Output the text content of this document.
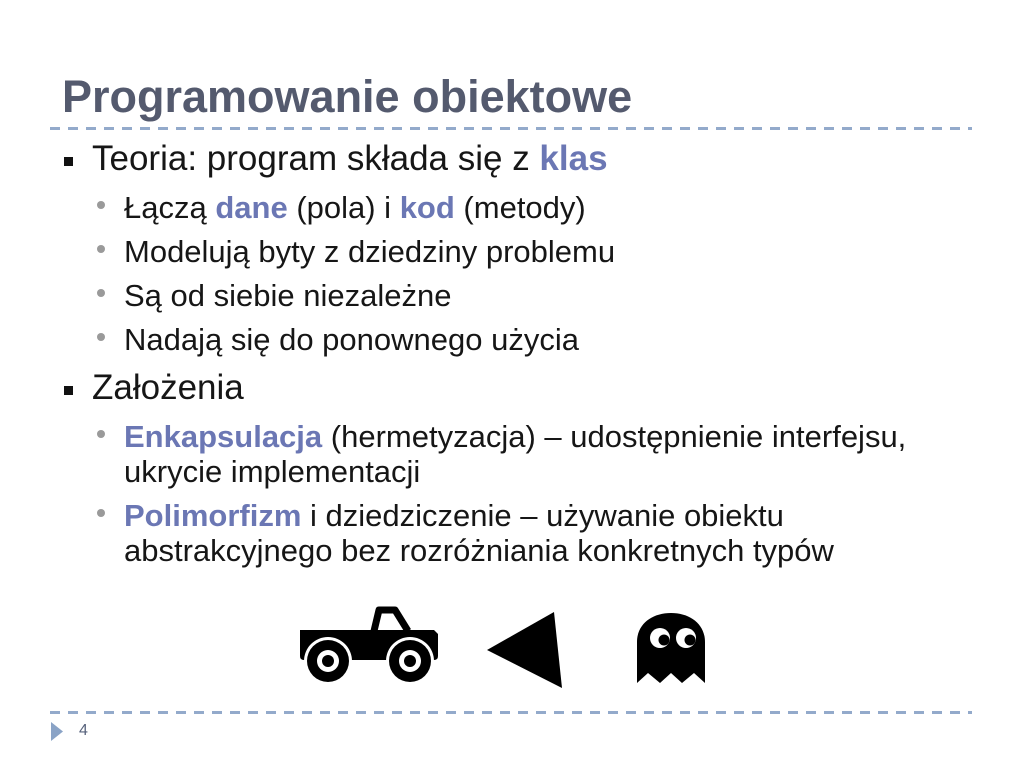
Programowanie obiektowe
Teoria: program składa się z klas
Łączą dane (pola) i kod (metody)
Modelują byty z dziedziny problemu
Są od siebie niezależne
Nadają się do ponownego użycia
Założenia
Enkapsulacja (hermetyzacja) – udostępnienie interfejsu,
ukrycie implementacji
Polimorfizm i dziedziczenie – używanie obiektu
abstrakcyjnego bez rozróżniania konkretnych typów
4
